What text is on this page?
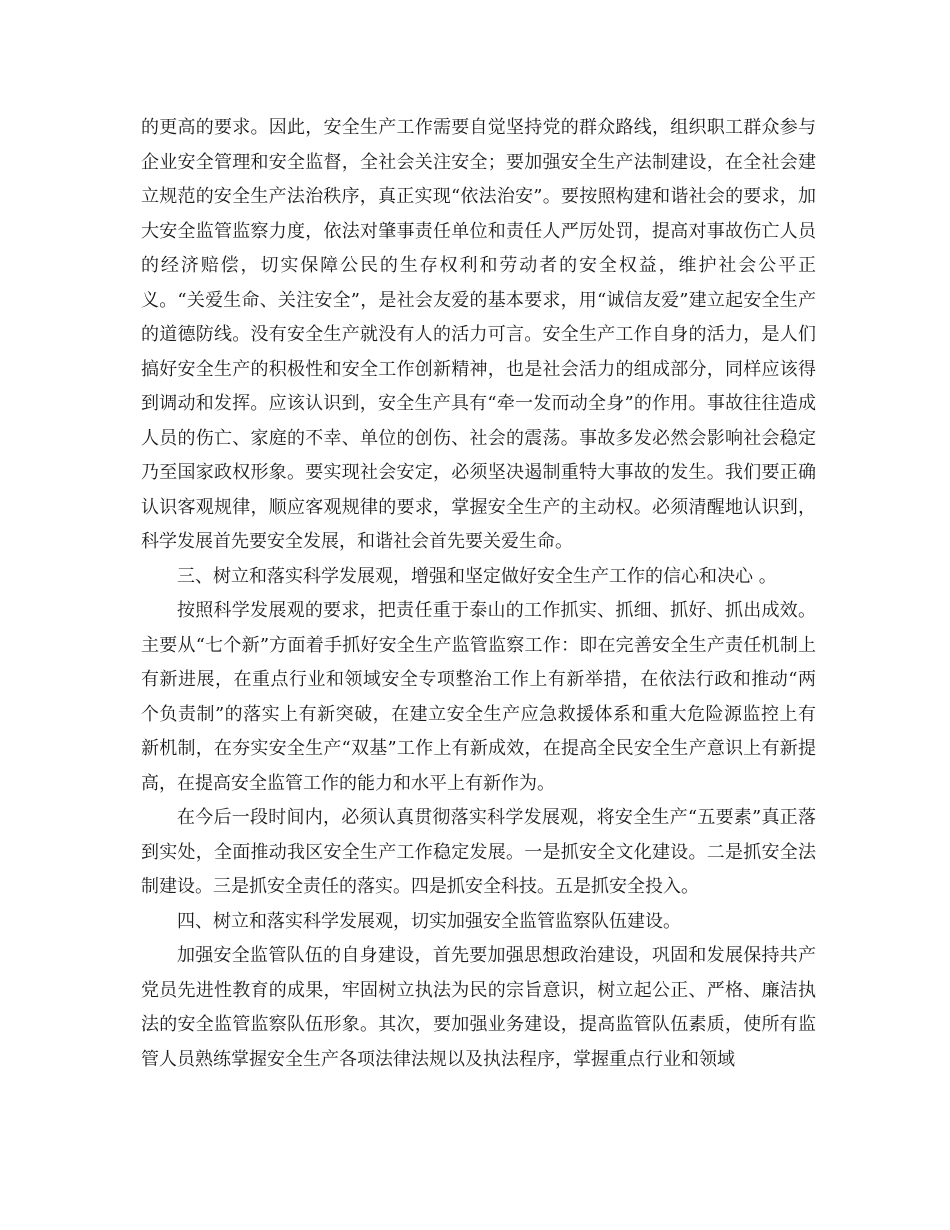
的更高的要求。因此，安全生产工作需要自觉坚持党的群众路线，组织职工群众参与企业安全管理和安全监督，全社会关注安全；要加强安全生产法制建设，在全社会建立规范的安全生产法治秩序，真正实现“依法治安”。要按照构建和谐社会的要求，加大安全监管监察力度，依法对肇事责任单位和责任人严厉处罚，提高对事故伤亡人员的经济赔偿，切实保障公民的生存权利和劳动者的安全权益，维护社会公平正义。“关爱生命、关注安全”，是社会友爱的基本要求，用“诚信友爱”建立起安全生产的道德防线。没有安全生产就没有人的活力可言。安全生产工作自身的活力，是人们搞好安全生产的积极性和安全工作创新精神，也是社会活力的组成部分，同样应该得到调动和发挥。应该认识到，安全生产具有“牵一发而动全身”的作用。事故往往造成人员的伤亡、家庭的不幸、单位的创伤、社会的震荡。事故多发必然会影响社会稳定乃至国家政权形象。要实现社会安定，必须坚决遏制重特大事故的发生。我们要正确认识客观规律，顺应客观规律的要求，掌握安全生产的主动权。必须清醒地认识到，科学发展首先要安全发展，和谐社会首先要关爱生命。

三、树立和落实科学发展观，增强和坚定做好安全生产工作的信心和决心 。

按照科学发展观的要求，把责任重于泰山的工作抓实、抓细、抓好、抓出成效。主要从“七个新”方面着手抓好安全生产监管监察工作：即在完善安全生产责任机制上有新进展，在重点行业和领域安全专项整治工作上有新举措，在依法行政和推动“两个负责制”的落实上有新突破，在建立安全生产应急救援体系和重大危险源监控上有新机制，在夯实安全生产“双基”工作上有新成效，在提高全民安全生产意识上有新提高，在提高安全监管工作的能力和水平上有新作为。

在今后一段时间内，必须认真贯彻落实科学发展观，将安全生产“五要素”真正落到实处，全面推动我区安全生产工作稳定发展。一是抓安全文化建设。二是抓安全法制建设。三是抓安全责任的落实。四是抓安全科技。五是抓安全投入。

四、树立和落实科学发展观，切实加强安全监管监察队伍建设。

加强安全监管队伍的自身建设，首先要加强思想政治建设，巩固和发展保持共产党员先进性教育的成果，牢固树立执法为民的宗旨意识，树立起公正、严格、廉洁执法的安全监管监察队伍形象。其次，要加强业务建设，提高监管队伍素质，使所有监管人员熟练掌握安全生产各项法律法规以及执法程序，掌握重点行业和领域
